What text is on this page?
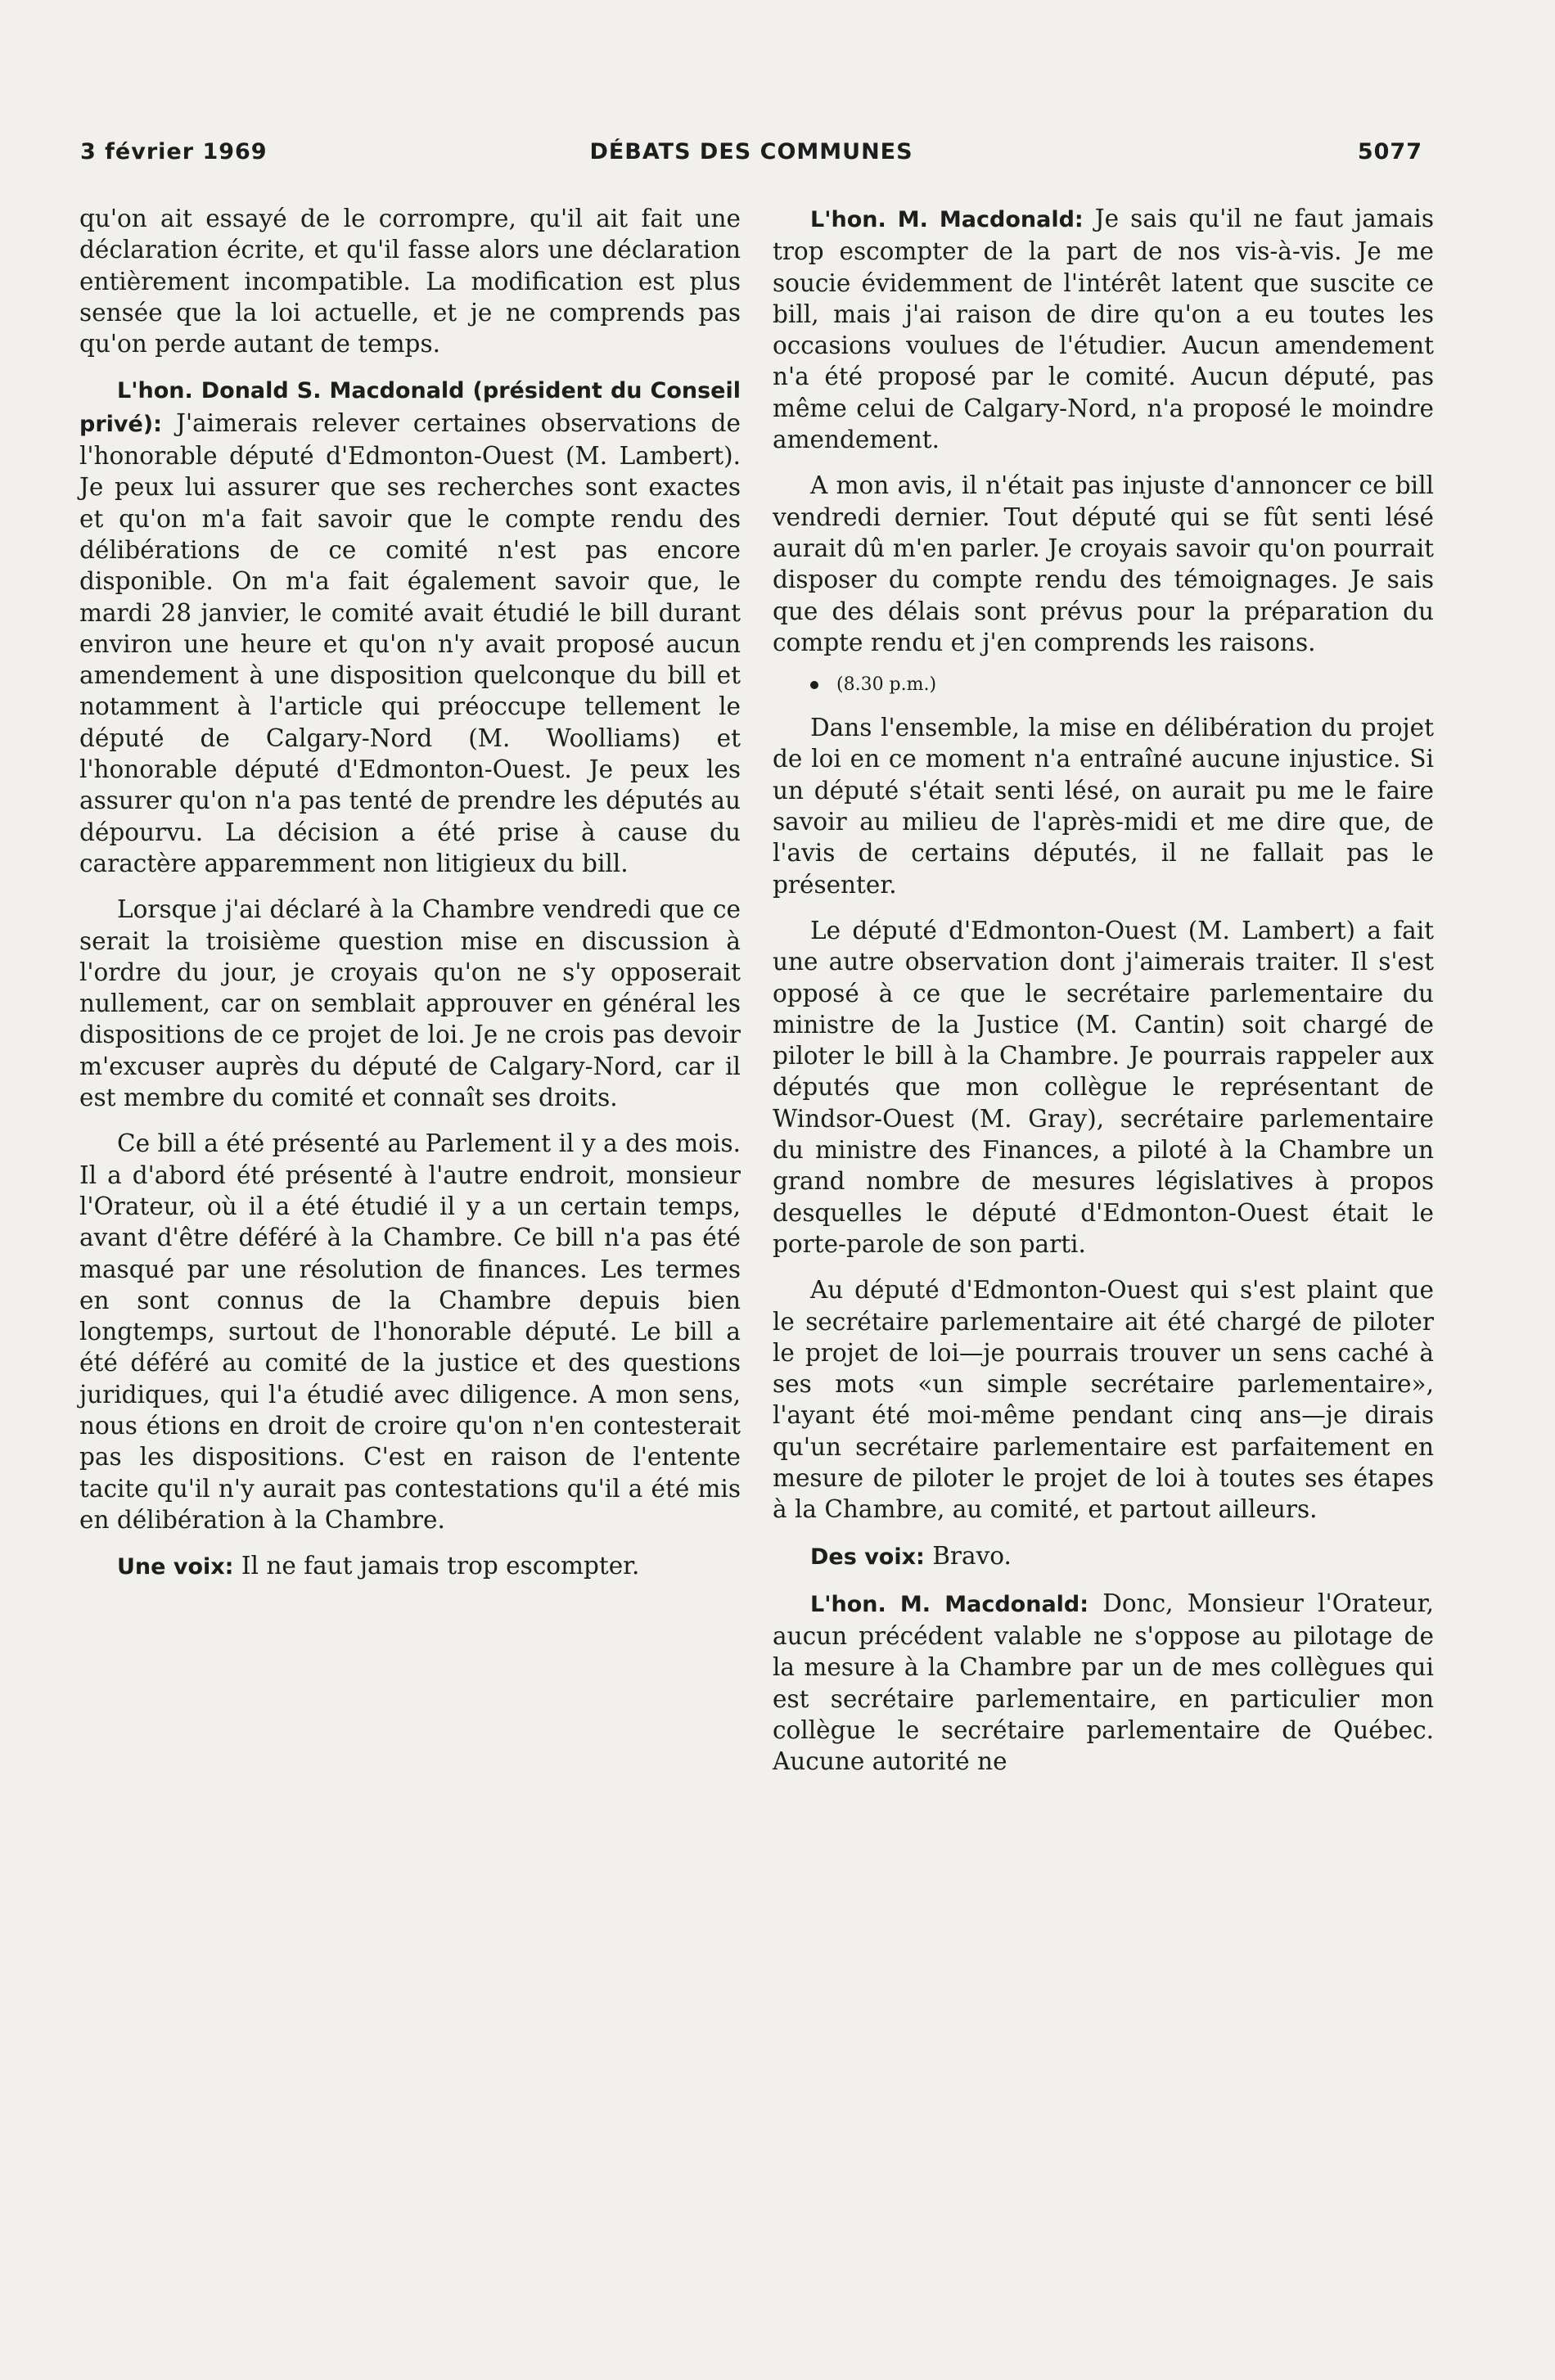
3 février 1969	DÉBATS DES COMMUNES	5077

qu'on ait essayé de le corrompre, qu'il ait fait une déclaration écrite, et qu'il fasse alors une déclaration entièrement incompatible. La modification est plus sensée que la loi actuelle, et je ne comprends pas qu'on perde autant de temps.

L'hon. Donald S. Macdonald (président du Conseil privé): J'aimerais relever certaines observations de l'honorable député d'Edmonton-Ouest (M. Lambert). Je peux lui assurer que ses recherches sont exactes et qu'on m'a fait savoir que le compte rendu des délibérations de ce comité n'est pas encore disponible. On m'a fait également savoir que, le mardi 28 janvier, le comité avait étudié le bill durant environ une heure et qu'on n'y avait proposé aucun amendement à une disposition quelconque du bill et notamment à l'article qui préoccupe tellement le député de Calgary-Nord (M. Woolliams) et l'honorable député d'Edmonton-Ouest. Je peux les assurer qu'on n'a pas tenté de prendre les députés au dépourvu. La décision a été prise à cause du caractère apparemment non litigieux du bill.

Lorsque j'ai déclaré à la Chambre vendredi que ce serait la troisième question mise en discussion à l'ordre du jour, je croyais qu'on ne s'y opposerait nullement, car on semblait approuver en général les dispositions de ce projet de loi. Je ne crois pas devoir m'excuser auprès du député de Calgary-Nord, car il est membre du comité et connaît ses droits.

Ce bill a été présenté au Parlement il y a des mois. Il a d'abord été présenté à l'autre endroit, monsieur l'Orateur, où il a été étudié il y a un certain temps, avant d'être déféré à la Chambre. Ce bill n'a pas été masqué par une résolution de finances. Les termes en sont connus de la Chambre depuis bien longtemps, surtout de l'honorable député. Le bill a été déféré au comité de la justice et des questions juridiques, qui l'a étudié avec diligence. A mon sens, nous étions en droit de croire qu'on n'en contesterait pas les dispositions. C'est en raison de l'entente tacite qu'il n'y aurait pas contestations qu'il a été mis en délibération à la Chambre.

Une voix: Il ne faut jamais trop escompter.

L'hon. M. Macdonald: Je sais qu'il ne faut jamais trop escompter de la part de nos vis-à-vis. Je me soucie évidemment de l'intérêt latent que suscite ce bill, mais j'ai raison de dire qu'on a eu toutes les occasions voulues de l'étudier. Aucun amendement n'a été proposé par le comité. Aucun député, pas même celui de Calgary-Nord, n'a proposé le moindre amendement.

A mon avis, il n'était pas injuste d'annoncer ce bill vendredi dernier. Tout député qui se fût senti lésé aurait dû m'en parler. Je croyais savoir qu'on pourrait disposer du compte rendu des témoignages. Je sais que des délais sont prévus pour la préparation du compte rendu et j'en comprends les raisons.

(8.30 p.m.)

Dans l'ensemble, la mise en délibération du projet de loi en ce moment n'a entraîné aucune injustice. Si un député s'était senti lésé, on aurait pu me le faire savoir au milieu de l'après-midi et me dire que, de l'avis de certains députés, il ne fallait pas le présenter.

Le député d'Edmonton-Ouest (M. Lambert) a fait une autre observation dont j'aimerais traiter. Il s'est opposé à ce que le secrétaire parlementaire du ministre de la Justice (M. Cantin) soit chargé de piloter le bill à la Chambre. Je pourrais rappeler aux députés que mon collègue le représentant de Windsor-Ouest (M. Gray), secrétaire parlementaire du ministre des Finances, a piloté à la Chambre un grand nombre de mesures législatives à propos desquelles le député d'Edmonton-Ouest était le porte-parole de son parti.

Au député d'Edmonton-Ouest qui s'est plaint que le secrétaire parlementaire ait été chargé de piloter le projet de loi—je pourrais trouver un sens caché à ses mots «un simple secrétaire parlementaire», l'ayant été moi-même pendant cinq ans—je dirais qu'un secrétaire parlementaire est parfaitement en mesure de piloter le projet de loi à toutes ses étapes à la Chambre, au comité, et partout ailleurs.

Des voix: Bravo.

L'hon. M. Macdonald: Donc, Monsieur l'Orateur, aucun précédent valable ne s'oppose au pilotage de la mesure à la Chambre par un de mes collègues qui est secrétaire parlementaire, en particulier mon collègue le secrétaire parlementaire de Québec. Aucune autorité ne
